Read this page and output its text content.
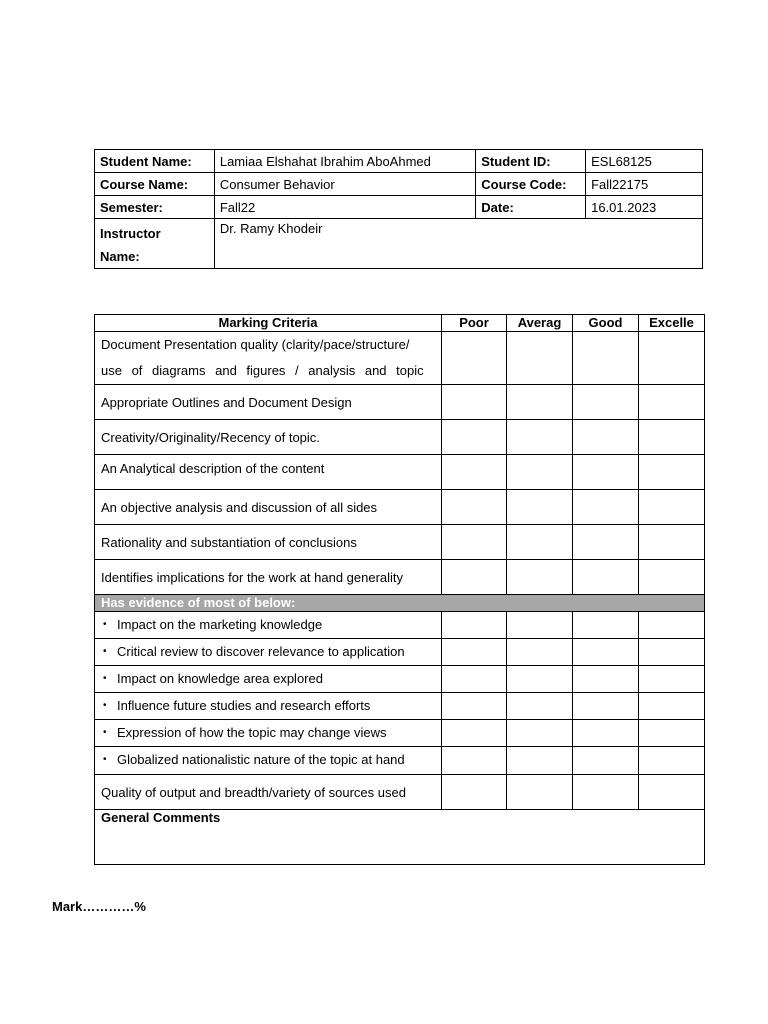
Student Name:	Lamiaa Elshahat Ibrahim AboAhmed	Student ID:	ESL68125
Course Name:	Consumer Behavior	Course Code:	Fall22175
Semester:	Fall22	Date:	16.01.2023
Instructor
Name:	Dr. Ramy Khodeir		
Marking Criteria	Poor	Averag	Good	Excelle
Document Presentation quality (clarity/pace/structure/
use of diagrams and figures / analysis and topic				
Appropriate Outlines and Document Design				
Creativity/Originality/Recency of topic.				
An Analytical description of the content				
An objective analysis and discussion of all sides				
Rationality and substantiation of conclusions				
Identifies implications for the work at hand generality				
Has evidence of most of below:				
• Impact on the marketing knowledge				
• Critical review to discover relevance to application				
• Impact on knowledge area explored				
• Influence future studies and research efforts				
• Expression of how the topic may change views				
• Globalized nationalistic nature of the topic at hand				
Quality of output and breadth/variety of sources used				
General Comments				
Mark…………%
